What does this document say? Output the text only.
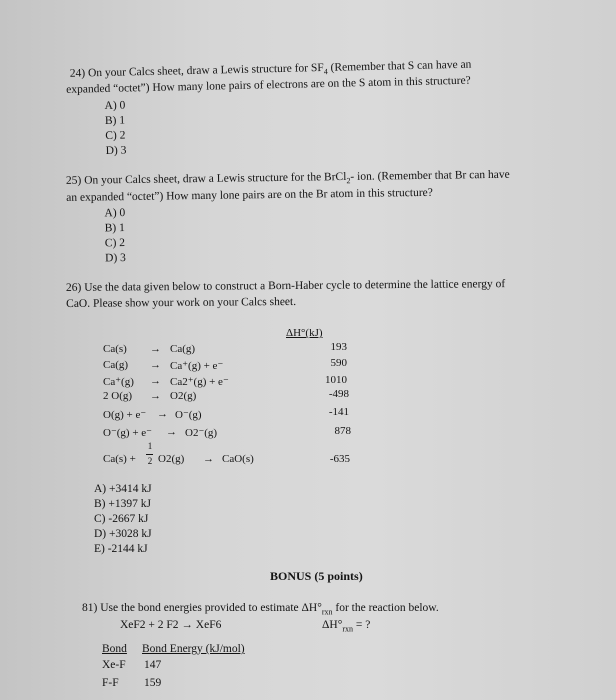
24) On your Calcs sheet, draw a Lewis structure for $SF_4$ (Remember that S can have an
expanded “octet”) How many lone pairs of electrons are on the S atom in this structure?
A) 0
B) 1
C) 2
D) 3
25) On your Calcs sheet, draw a Lewis structure for the BrCl$_2$- ion. (Remember that Br can have
an expanded “octet”) How many lone pairs are on the Br atom in this structure?
A) 0
B) 1
C) 2
D) 3
26) Use the data given below to construct a Born-Haber cycle to determine the lattice energy of
CaO. Please show your work on your Calcs sheet.
ΔH°(kJ)
Ca(s) → Ca(g)	193
Ca(g) → Ca⁺(g) + e⁻	590
Ca⁺(g) → Ca2⁺(g) + e⁻	1010
2 O(g) → O2(g)	-498
O(g) + e⁻ → O⁻(g)	-141
O⁻(g) + e⁻ → O2⁻(g)	878
Ca(s) +
1
2 O2(g) → CaO(s)	-635
A) +3414 kJ
B) +1397 kJ
C) -2667 kJ
D) +3028 kJ
E) -2144 kJ
BONUS (5 points)
81) Use the bond energies provided to estimate $\Delta H^\circ_{rxn}$ for the reaction below.
XeF2 + 2 F2 → XeF6	$\Delta H^\circ_{rxn}$ = ?
Bond Bond Energy (kJ/mol)
Xe-F 147
F-F 159
